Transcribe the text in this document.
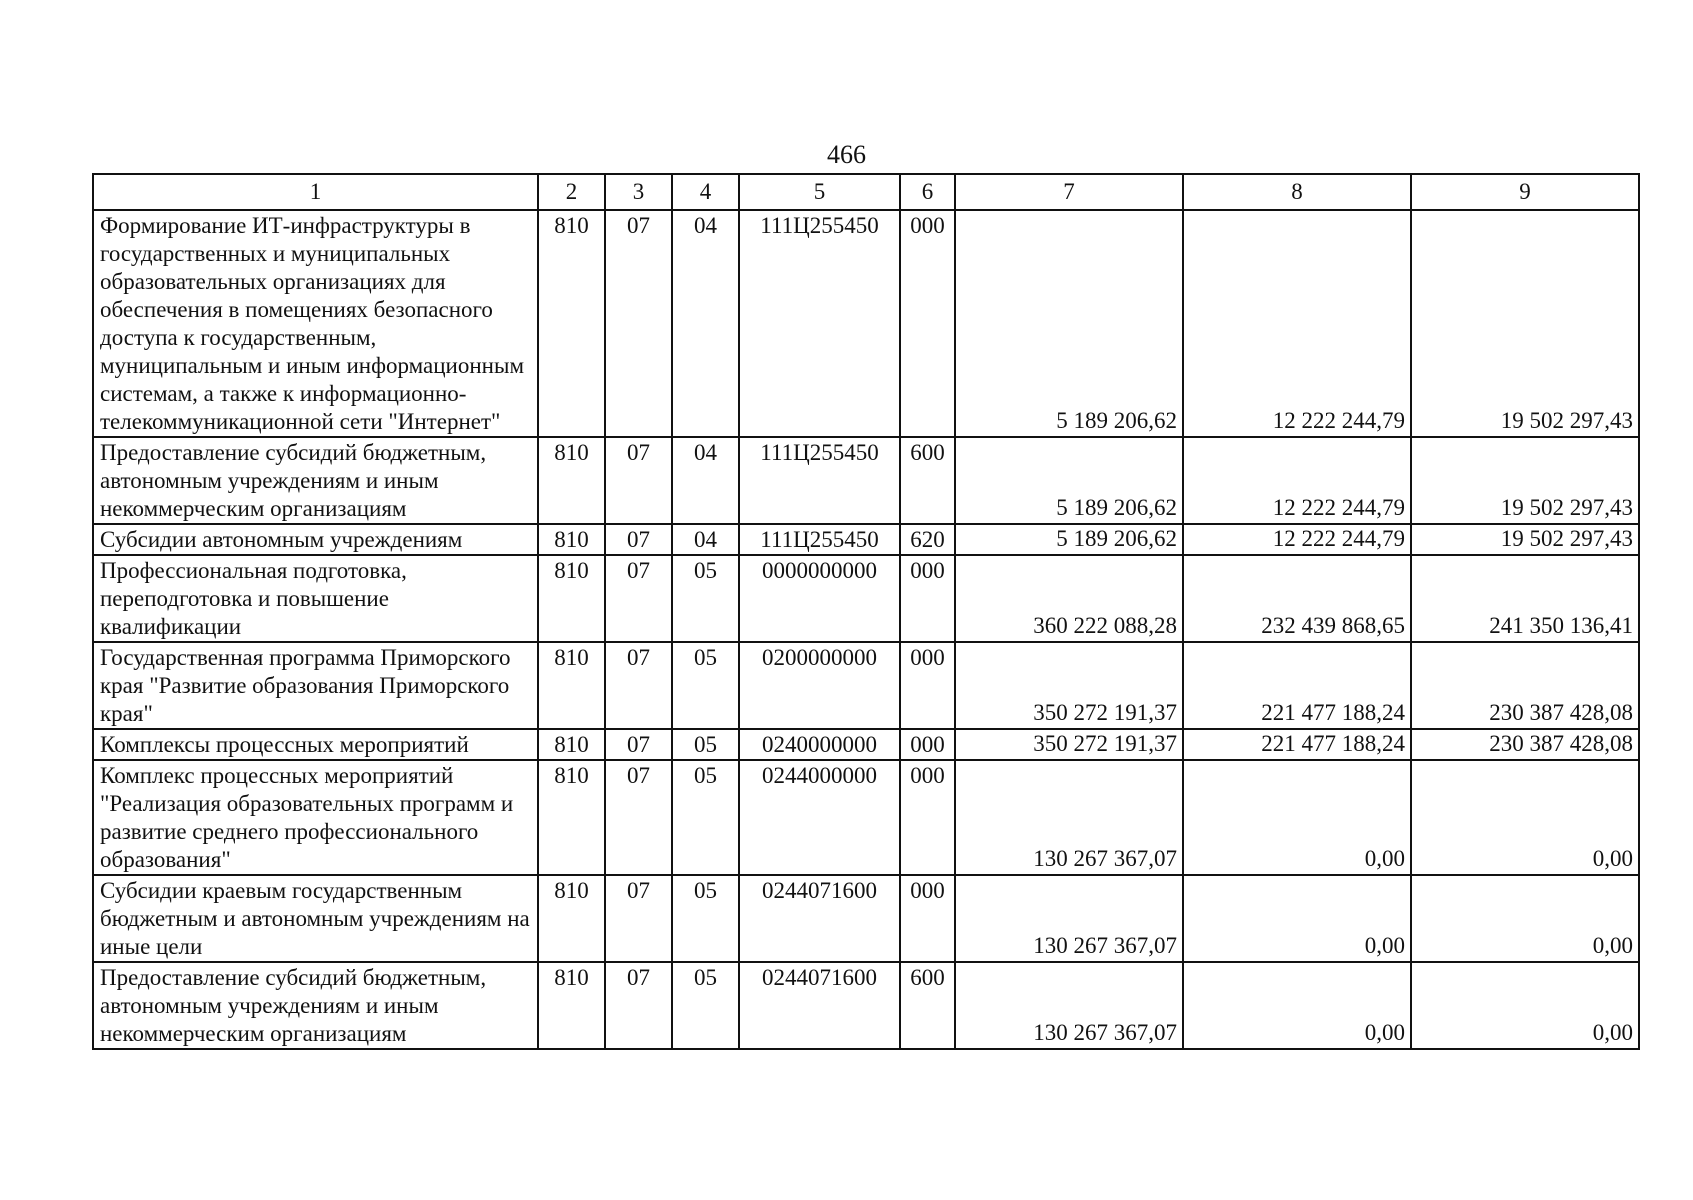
466
1	2	3	4	5	6	7	8	9
Формирование ИТ-инфраструктуры в государственных и муниципальных образовательных организациях для обеспечения в помещениях безопасного доступа к государственным, муниципальным и иным информационным системам, а также к информационно-телекоммуникационной сети "Интернет"	810	07	04	111Ц255450	000	5 189 206,62	12 222 244,79	19 502 297,43
Предоставление субсидий бюджетным, автономным учреждениям и иным некоммерческим организациям	810	07	04	111Ц255450	600	5 189 206,62	12 222 244,79	19 502 297,43
Субсидии автономным учреждениям	810	07	04	111Ц255450	620	5 189 206,62	12 222 244,79	19 502 297,43
Профессиональная подготовка, переподготовка и повышение квалификации	810	07	05	0000000000	000	360 222 088,28	232 439 868,65	241 350 136,41
Государственная программа Приморского края "Развитие образования Приморского края"	810	07	05	0200000000	000	350 272 191,37	221 477 188,24	230 387 428,08
Комплексы процессных мероприятий	810	07	05	0240000000	000	350 272 191,37	221 477 188,24	230 387 428,08
Комплекс процессных мероприятий "Реализация образовательных программ и развитие среднего профессионального образования"	810	07	05	0244000000	000	130 267 367,07	0,00	0,00
Субсидии краевым государственным бюджетным и автономным учреждениям на иные цели	810	07	05	0244071600	000	130 267 367,07	0,00	0,00
Предоставление субсидий бюджетным, автономным учреждениям и иным некоммерческим организациям	810	07	05	0244071600	600	130 267 367,07	0,00	0,00
